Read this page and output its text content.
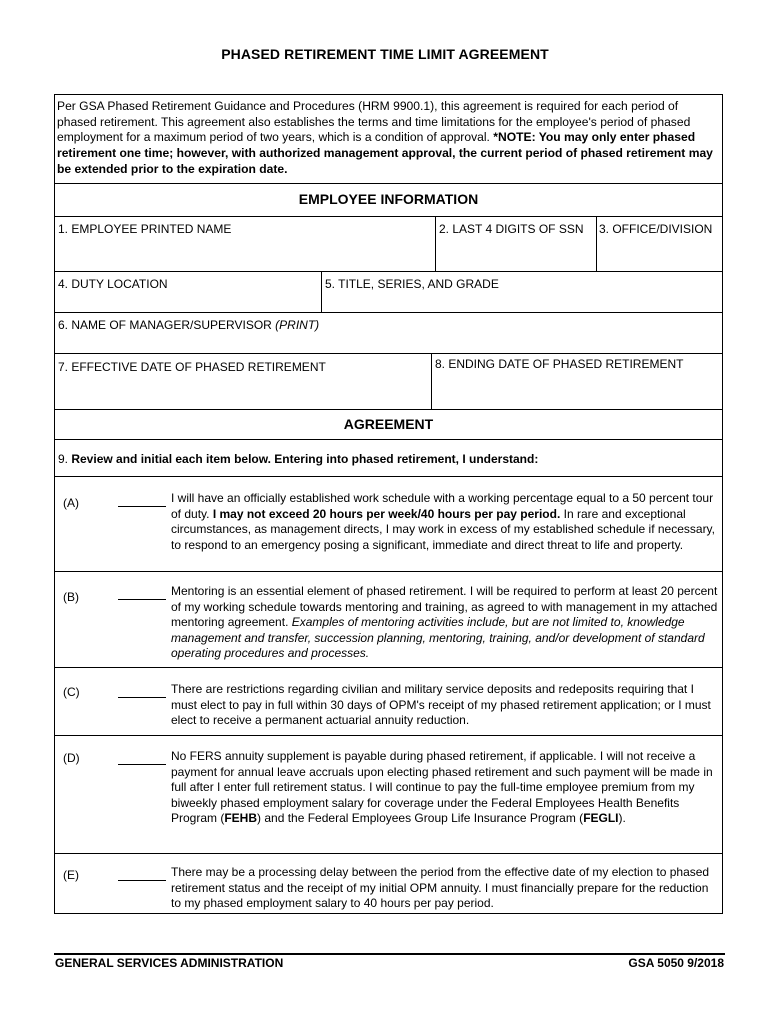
PHASED RETIREMENT TIME LIMIT AGREEMENT
Per GSA Phased Retirement Guidance and Procedures (HRM 9900.1), this agreement is required for each period of phased retirement. This agreement also establishes the terms and time limitations for the employee's period of phased employment for a maximum period of two years, which is a condition of approval. *NOTE: You may only enter phased retirement one time; however, with authorized management approval, the current period of phased retirement may be extended prior to the expiration date.
EMPLOYEE INFORMATION
1. EMPLOYEE PRINTED NAME	2. LAST 4 DIGITS OF SSN	3. OFFICE/DIVISION
4. DUTY LOCATION	5. TITLE, SERIES, AND GRADE
6. NAME OF MANAGER/SUPERVISOR (PRINT)
7. EFFECTIVE DATE OF PHASED RETIREMENT	8. ENDING DATE OF PHASED RETIREMENT
AGREEMENT
9. Review and initial each item below. Entering into phased retirement, I understand:
(A)	I will have an officially established work schedule with a working percentage equal to a 50 percent tour of duty. I may not exceed 20 hours per week/40 hours per pay period. In rare and exceptional circumstances, as management directs, I may work in excess of my established schedule if necessary, to respond to an emergency posing a significant, immediate and direct threat to life and property.
(B)	Mentoring is an essential element of phased retirement. I will be required to perform at least 20 percent of my working schedule towards mentoring and training, as agreed to with management in my attached mentoring agreement. Examples of mentoring activities include, but are not limited to, knowledge management and transfer, succession planning, mentoring, training, and/or development of standard operating procedures and processes.
(C)	There are restrictions regarding civilian and military service deposits and redeposits requiring that I must elect to pay in full within 30 days of OPM's receipt of my phased retirement application; or I must elect to receive a permanent actuarial annuity reduction.
(D)	No FERS annuity supplement is payable during phased retirement, if applicable. I will not receive a payment for annual leave accruals upon electing phased retirement and such payment will be made in full after I enter full retirement status. I will continue to pay the full-time employee premium from my biweekly phased employment salary for coverage under the Federal Employees Health Benefits Program (FEHB) and the Federal Employees Group Life Insurance Program (FEGLI).
(E)	There may be a processing delay between the period from the effective date of my election to phased retirement status and the receipt of my initial OPM annuity. I must financially prepare for the reduction to my phased employment salary to 40 hours per pay period.
GENERAL SERVICES ADMINISTRATION	GSA 5050 9/2018
